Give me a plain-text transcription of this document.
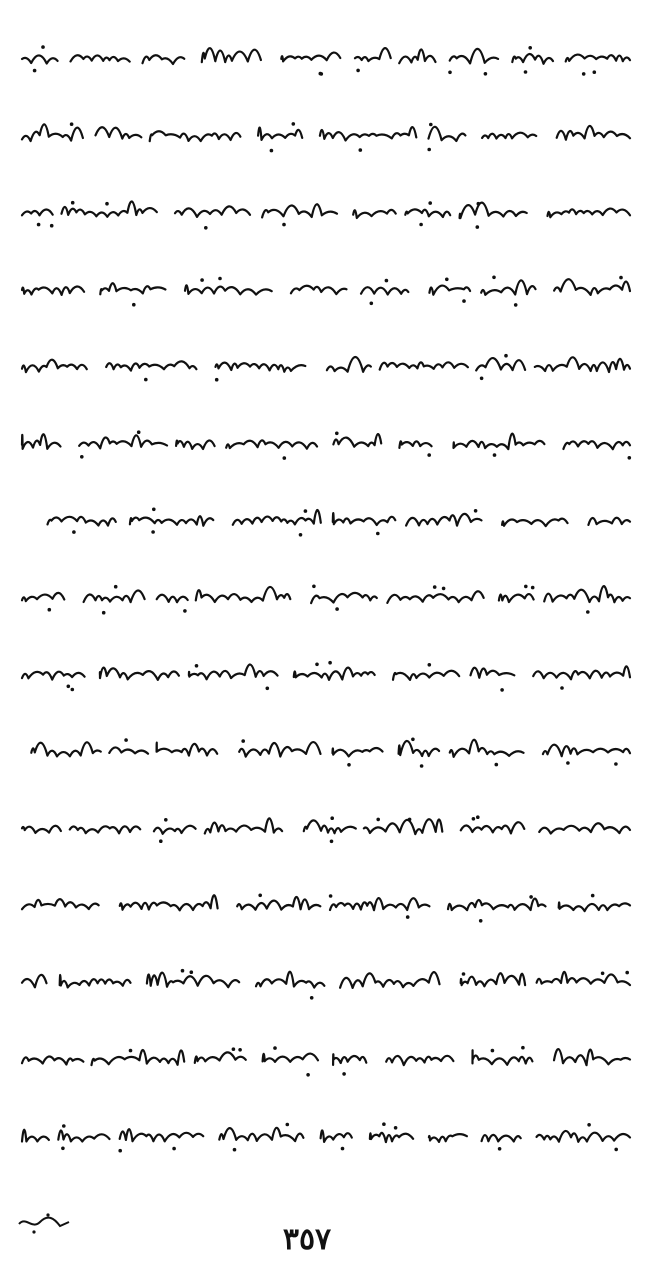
٣٥٧
